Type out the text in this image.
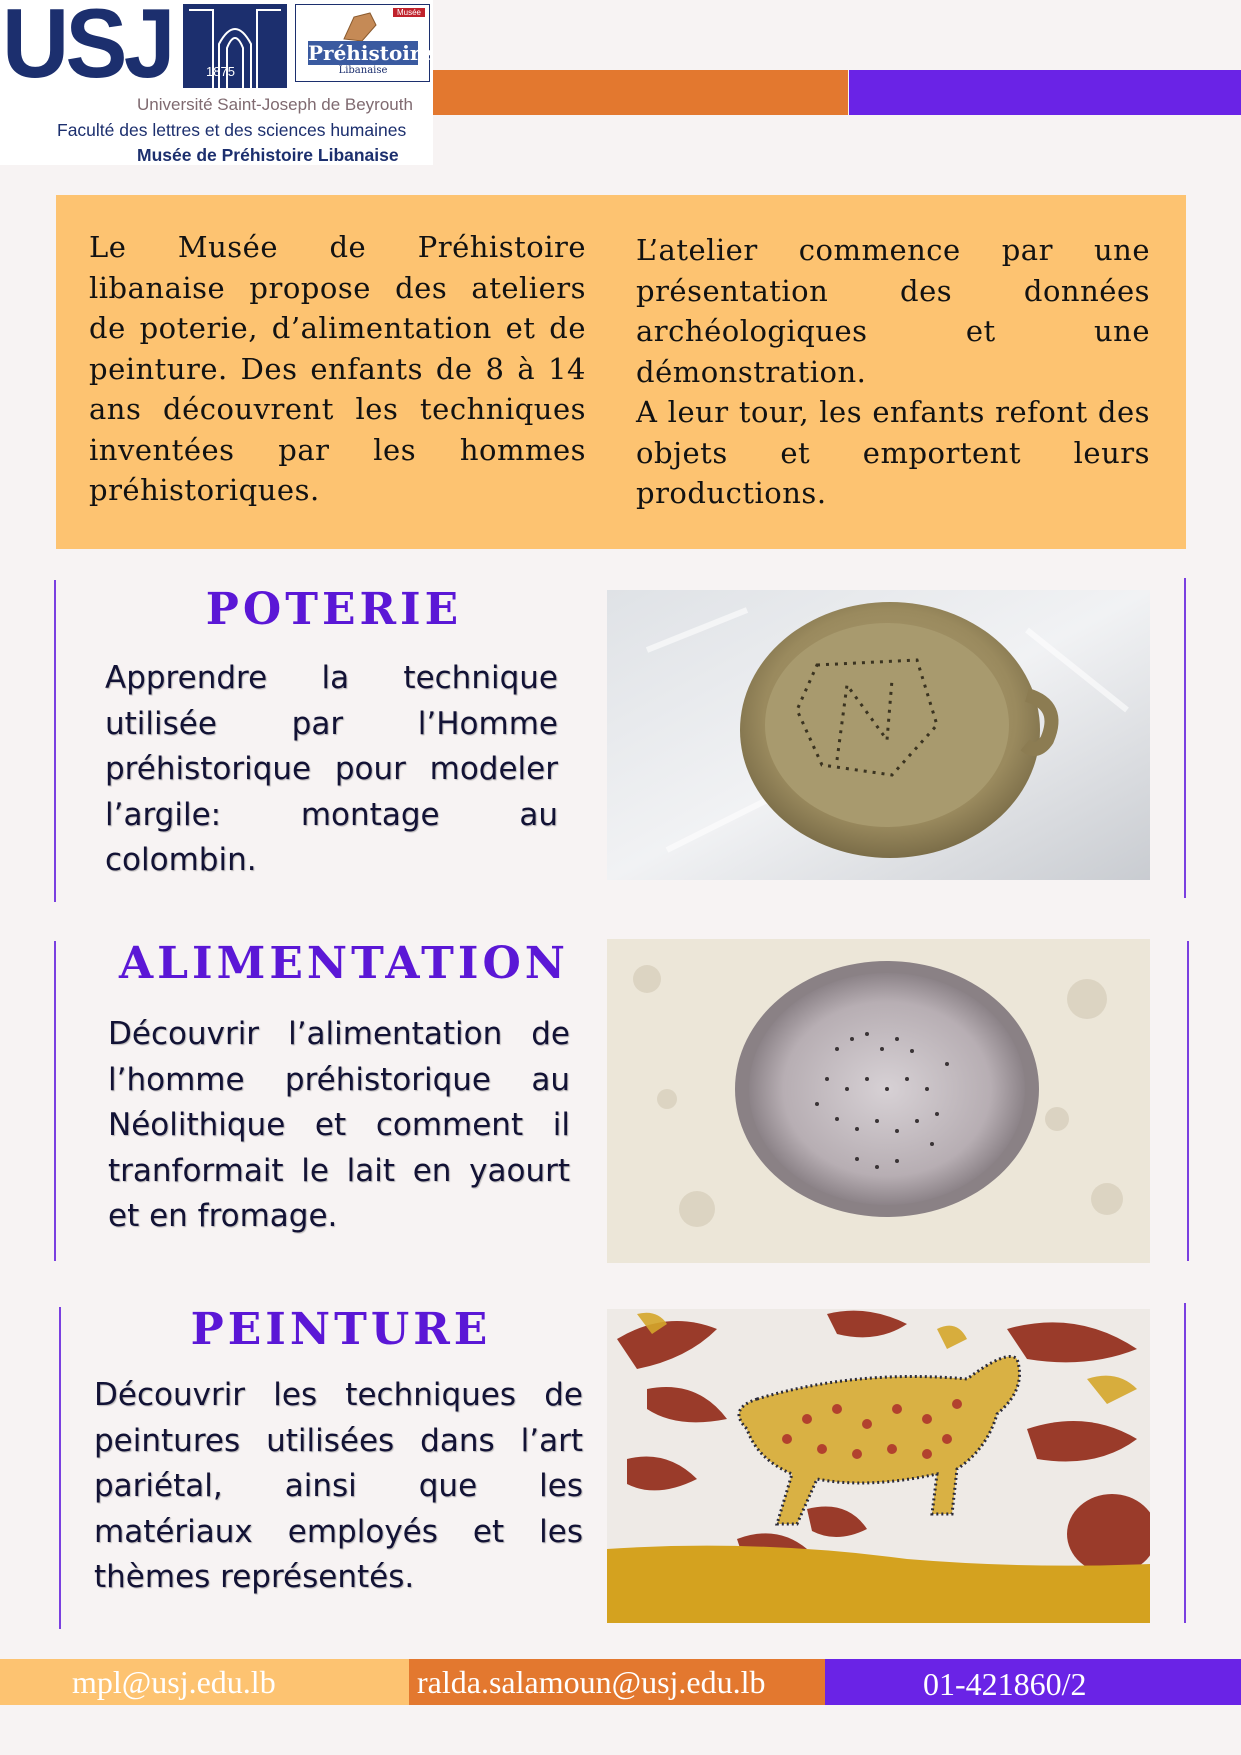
USJ	1875
Musée
Préhistoire
Libanaise
Université Saint-Joseph de Beyrouth
Faculté des lettres et des sciences humaines
Musée de Préhistoire Libanaise
Le Musée de Préhistoire libanaise propose des ateliers de poterie, d’alimentation et de peinture. Des enfants de 8 à 14 ans découvrent les techniques inventées par les hommes préhistoriques.
L’atelier commence par une présentation des données archéologiques et une démonstration.
A leur tour, les enfants refont des objets et emportent leurs productions.
POTERIE
Apprendre la technique utilisée par l’Homme préhistorique pour modeler l’argile: montage au colombin.
ALIMENTATION
Découvrir l’alimentation de l’homme préhistorique au Néolithique et comment il tranformait le lait en yaourt et en fromage.
PEINTURE
Découvrir les techniques de peintures utilisées dans l’art pariétal, ainsi que les matériaux employés et les thèmes représentés.
mpl@usj.edu.lb	ralda.salamoun@usj.edu.lb	01-421860/2
